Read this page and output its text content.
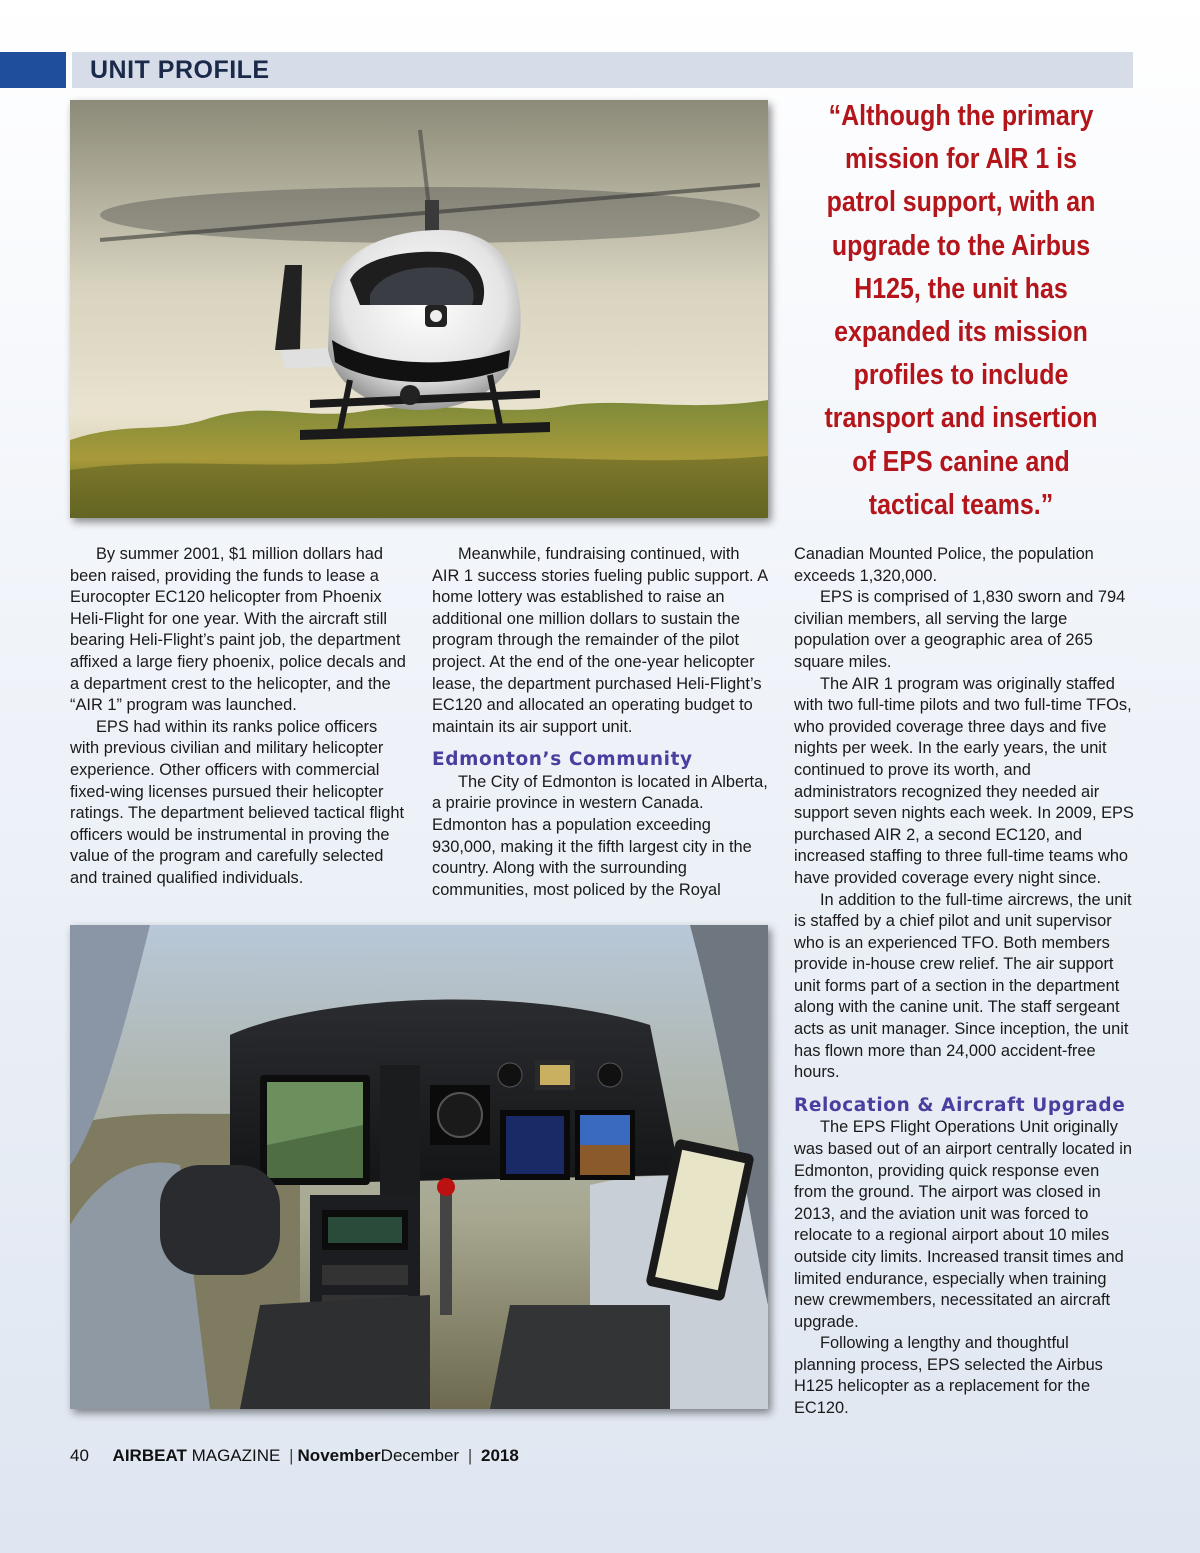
UNIT PROFILE
“Although the primary mission for AIR 1 is patrol support, with an upgrade to the Airbus H125, the unit has expanded its mission profiles to include transport and insertion of EPS canine and tactical teams.”

By summer 2001, $1 million dollars had been raised, providing the funds to lease a Eurocopter EC120 helicopter from Phoenix Heli-Flight for one year. With the aircraft still bearing Heli-Flight’s paint job, the department affixed a large fiery phoenix, police decals and a department crest to the helicopter, and the “AIR 1” program was launched.

EPS had within its ranks police officers with previous civilian and military helicopter experience. Other officers with commercial fixed-wing licenses pursued their helicopter ratings. The department believed tactical flight officers would be instrumental in proving the value of the program and carefully selected and trained qualified individuals.

Meanwhile, fundraising continued, with AIR 1 success stories fueling public support. A home lottery was established to raise an additional one million dollars to sustain the program through the remainder of the pilot project. At the end of the one-year helicopter lease, the department purchased Heli-Flight’s EC120 and allocated an operating budget to maintain its air support unit.

Edmonton’s Community

The City of Edmonton is located in Alberta, a prairie province in western Canada. Edmonton has a population exceeding 930,000, making it the fifth largest city in the country. Along with the surrounding communities, most policed by the Royal

Canadian Mounted Police, the population exceeds 1,320,000.

EPS is comprised of 1,830 sworn and 794 civilian members, all serving the large population over a geographic area of 265 square miles.

The AIR 1 program was originally staffed with two full-time pilots and two full-time TFOs, who provided coverage three days and five nights per week. In the early years, the unit continued to prove its worth, and administrators recognized they needed air support seven nights each week. In 2009, EPS purchased AIR 2, a second EC120, and increased staffing to three full-time teams who have provided coverage every night since.

In addition to the full-time aircrews, the unit is staffed by a chief pilot and unit supervisor who is an experienced TFO. Both members provide in-house crew relief. The air support unit forms part of a section in the department along with the canine unit. The staff sergeant acts as unit manager. Since inception, the unit has flown more than 24,000 accident-free hours.

Relocation & Aircraft Upgrade

The EPS Flight Operations Unit originally was based out of an airport centrally located in Edmonton, providing quick response even from the ground. The airport was closed in 2013, and the aviation unit was forced to relocate to a regional airport about 10 miles outside city limits. Increased transit times and limited endurance, especially when training new crewmembers, necessitated an aircraft upgrade.

Following a lengthy and thoughtful planning process, EPS selected the Airbus H125 helicopter as a replacement for the EC120.

40 AIRBEAT MAGAZINE | NovemberDecember | 2018
